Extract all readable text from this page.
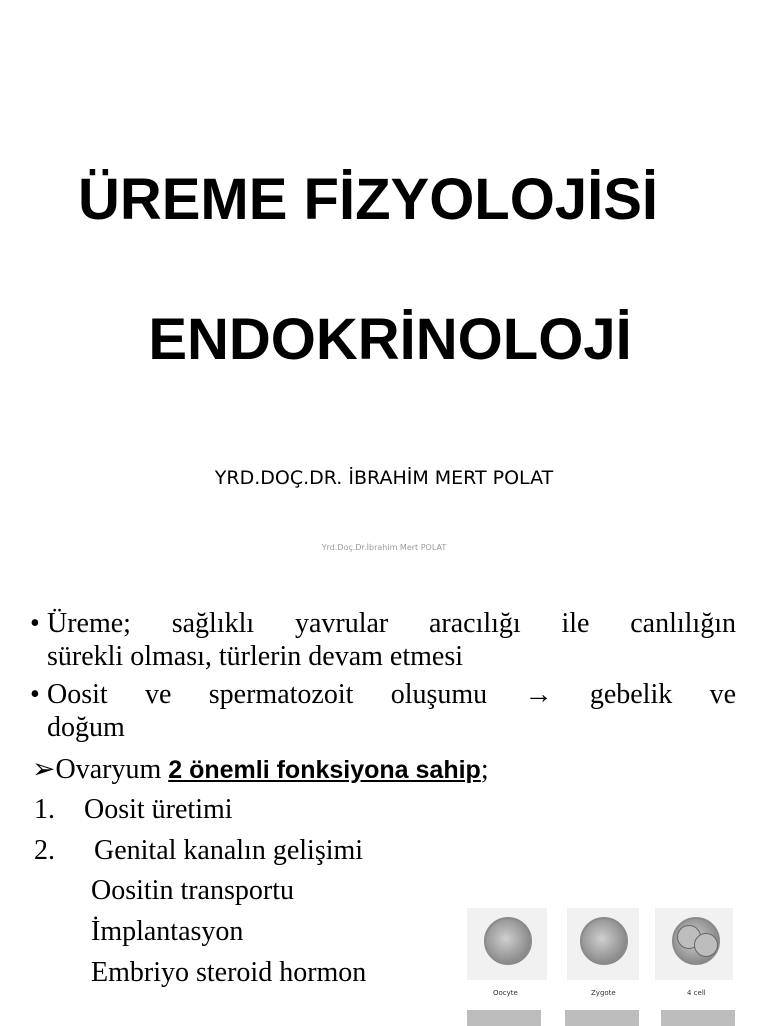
ÜREME FİZYOLOJİSİ
ENDOKRİNOLOJİ
YRD.DOÇ.DR. İBRAHİM MERT POLAT
Yrd.Doç.Dr.İbrahim Mert POLAT
• Üreme; sağlıklı yavrular aracılığı ile canlılığın
sürekli olması, türlerin devam etmesi
• Oosit ve spermatozoit oluşumu → gebelik ve
doğum
➢Ovaryum 2 önemli fonksiyona sahip;
1. Oosit üretimi
2. Genital kanalın gelişimi
Oositin transportu
İmplantasyon
Embriyo steroid hormon
Oocyte	Zygote	4 cell
